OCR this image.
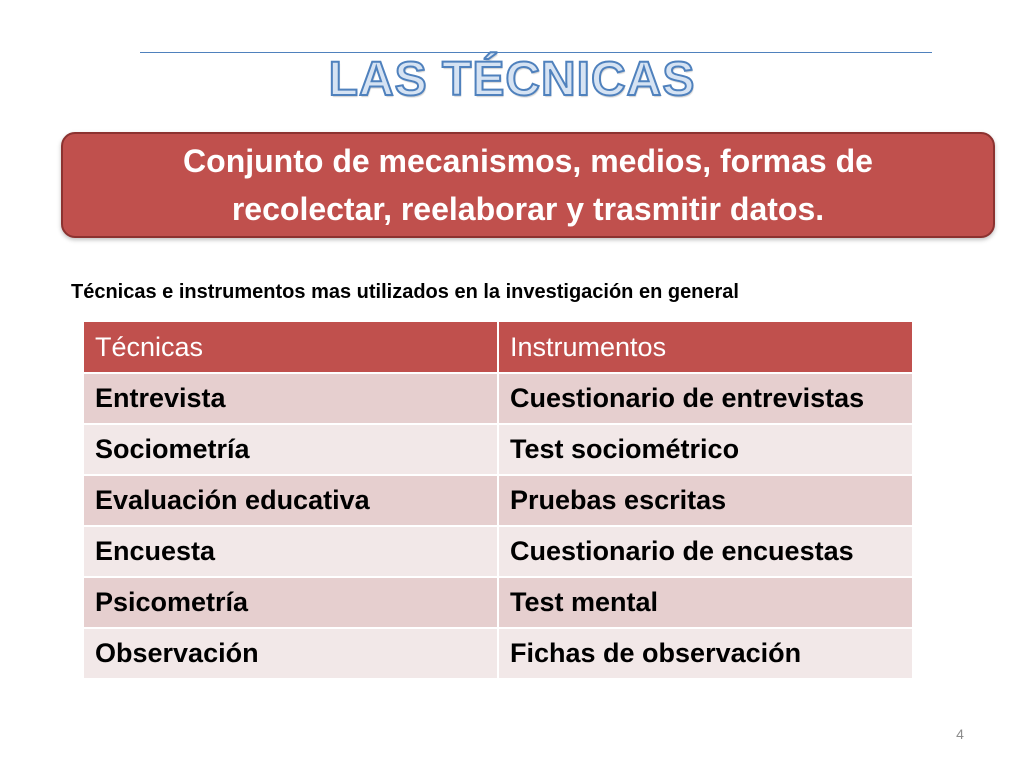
LAS TÉCNICAS
Conjunto de mecanismos, medios, formas de
recolectar, reelaborar y trasmitir datos.

Técnicas e instrumentos mas utilizados en la investigación en general

Técnicas	Instrumentos
Entrevista	Cuestionario de entrevistas
Sociometría	Test sociométrico
Evaluación educativa	Pruebas escritas
Encuesta	Cuestionario de encuestas
Psicometría	Test mental
Observación	Fichas de observación
4
